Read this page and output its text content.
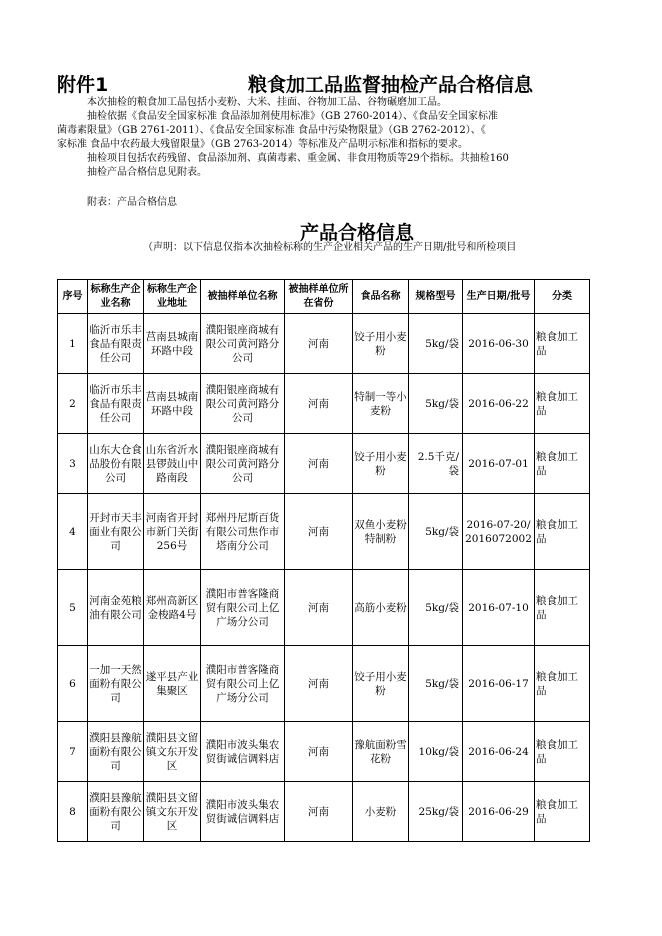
附件1	粮食加工品监督抽检产品合格信息
本次抽检的粮食加工品包括小麦粉、大米、挂面、谷物加工品、谷物碾磨加工品。
抽检依据《食品安全国家标准 食品添加剂使用标准》（GB 2760-2014）、《食品安全国家标准
菌毒素限量》（GB 2761-2011）、《食品安全国家标准 食品中污染物限量》（GB 2762-2012）、《
家标准 食品中农药最大残留限量》（GB 2763-2014）等标准及产品明示标准和指标的要求。
抽检项目包括农药残留、食品添加剂、真菌毒素、重金属、非食用物质等29个指标。共抽检160
抽检产品合格信息见附表。
附表：产品合格信息
产品合格信息
（声明：以下信息仅指本次抽检标称的生产企业相关产品的生产日期/批号和所检项目
序号	标称生产企业名称	标称生产企业地址	被抽样单位名称	被抽样单位所在省份	食品名称	规格型号	生产日期/批号	分类
1	临沂市乐丰食品有限责任公司	莒南县城南环路中段	濮阳银座商城有限公司黄河路分公司	河南	饺子用小麦粉	5kg/袋	2016-06-30	粮食加工品
2	临沂市乐丰食品有限责任公司	莒南县城南环路中段	濮阳银座商城有限公司黄河路分公司	河南	特制一等小麦粉	5kg/袋	2016-06-22	粮食加工品
3	山东大仓食品股份有限公司	山东省沂水县锣鼓山中路南段	濮阳银座商城有限公司黄河路分公司	河南	饺子用小麦粉	2.5千克/袋	2016-07-01	粮食加工品
4	开封市天丰面业有限公司	河南省开封市新门关街256号	郑州丹尼斯百货有限公司焦作市塔南分公司	河南	双鱼小麦粉特制粉	5kg/袋	2016-07-20/2016072002	粮食加工品
5	河南金苑粮油有限公司	郑州高新区金梭路4号	濮阳市普客隆商贸有限公司上亿广场分公司	河南	高筋小麦粉	5kg/袋	2016-07-10	粮食加工品
6	一加一天然面粉有限公司	遂平县产业集聚区	濮阳市普客隆商贸有限公司上亿广场分公司	河南	饺子用小麦粉	5kg/袋	2016-06-17	粮食加工品
7	濮阳县豫航面粉有限公司	濮阳县文留镇文东开发区	濮阳市波头集农贸街诚信调料店	河南	豫航面粉雪花粉	10kg/袋	2016-06-24	粮食加工品
8	濮阳县豫航面粉有限公司	濮阳县文留镇文东开发区	濮阳市波头集农贸街诚信调料店	河南	小麦粉	25kg/袋	2016-06-29	粮食加工品
